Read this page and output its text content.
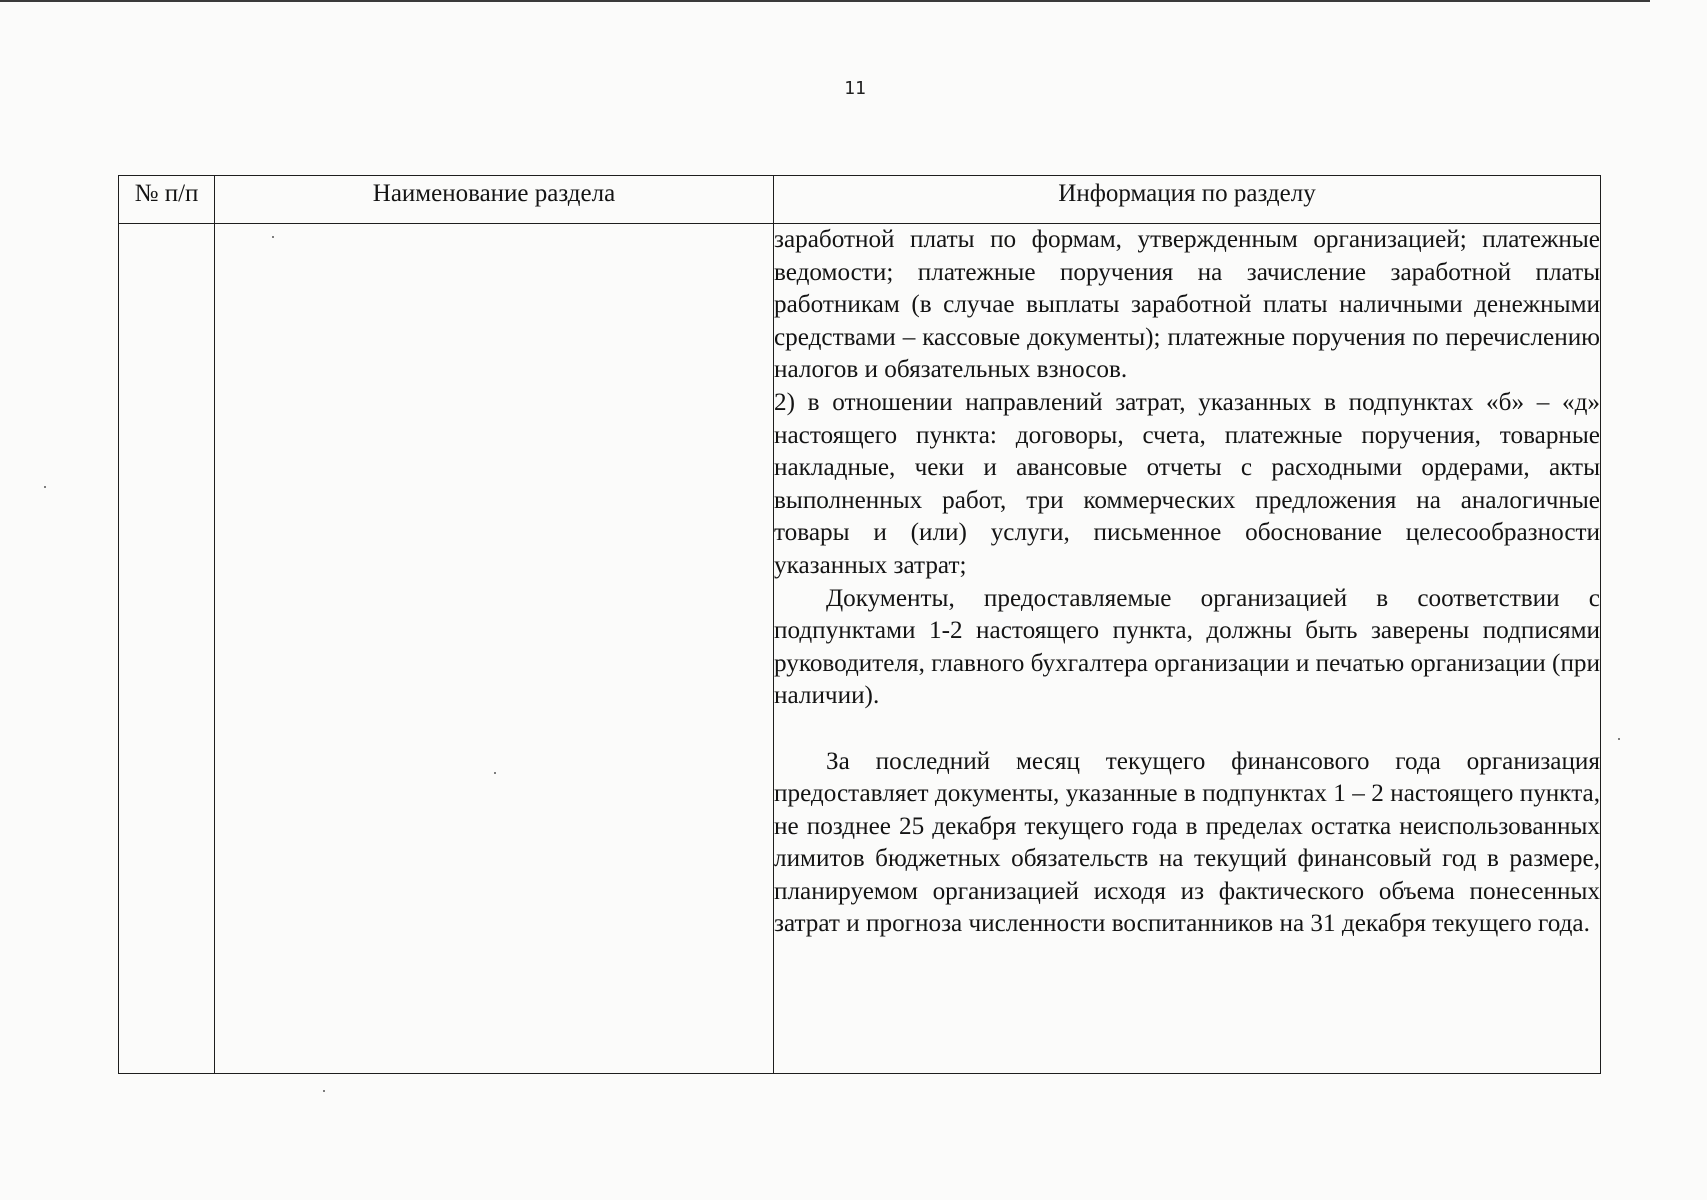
11
№ п/п	Наименование раздела	Информация по разделу

		заработной платы по формам, утвержденным организацией; платежные ведомости; платежные поручения на зачисление заработной платы работникам (в случае выплаты заработной платы наличными денежными средствами – кассовые документы); платежные поручения по перечислению налогов и обязательных взносов.

2) в отношении направлений затрат, указанных в подпунктах «б» – «д» настоящего пункта: договоры, счета, платежные поручения, товарные накладные, чеки и авансовые отчеты с расходными ордерами, акты выполненных работ, три коммерческих предложения на аналогичные товары и (или) услуги, письменное обоснование целесообразности указанных затрат;

Документы, предоставляемые организацией в соответствии с подпунктами 1-2 настоящего пункта, должны быть заверены подписями руководителя, главного бухгалтера организации и печатью организации (при наличии).

За последний месяц текущего финансового года организация предоставляет документы, указанные в подпунктах 1 – 2 настоящего пункта, не позднее 25 декабря текущего года в пределах остатка неиспользованных лимитов бюджетных обязательств на текущий финансовый год в размере, планируемом организацией исходя из фактического объема понесенных затрат и прогноза численности воспитанников на 31 декабря текущего года.
